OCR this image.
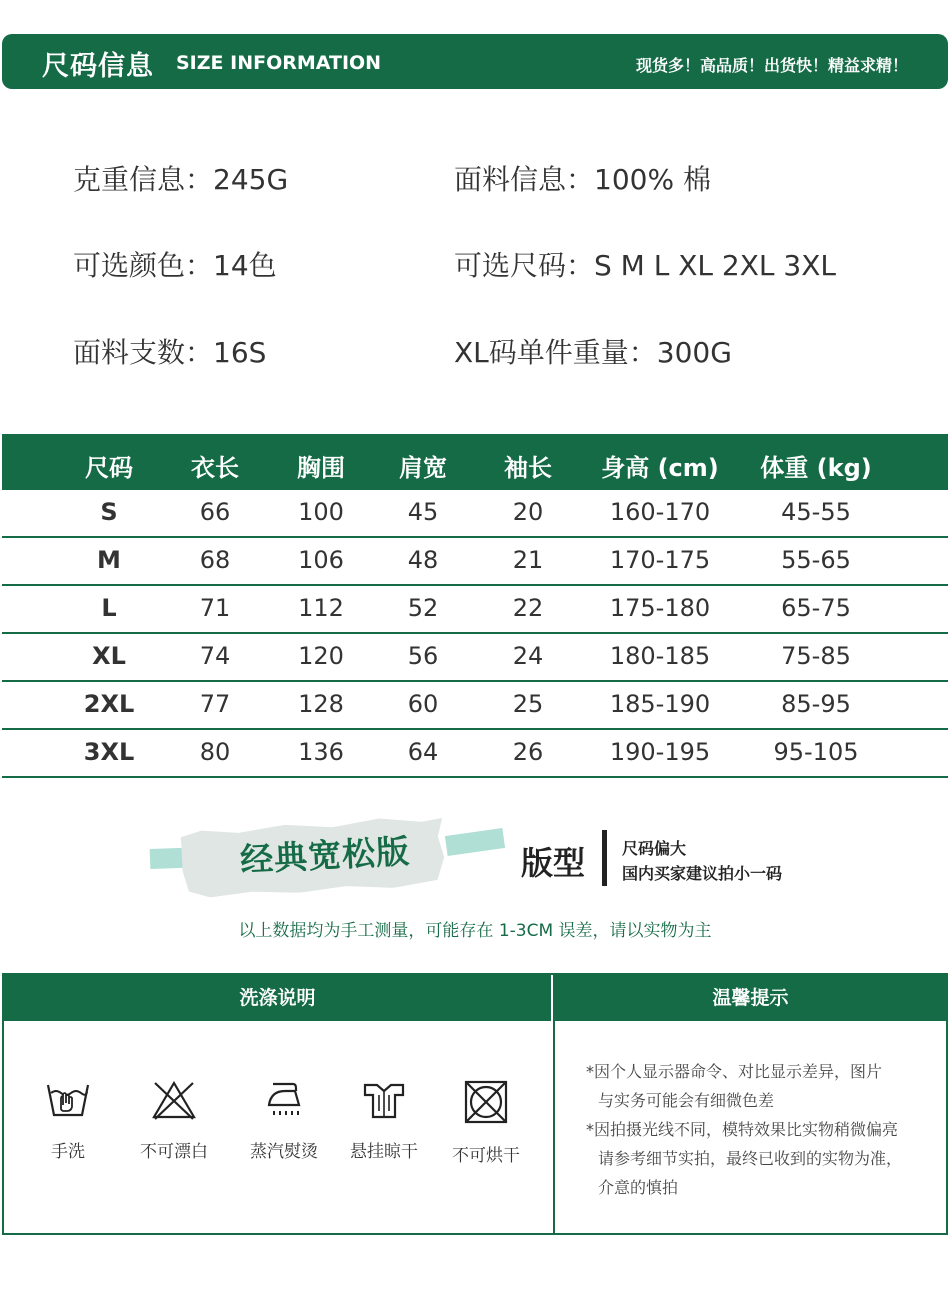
尺码信息 SIZE INFORMATION	现货多！高品质！出货快！精益求精！
克重信息：245G	面料信息：100% 棉
可选颜色：14色	可选尺码：S M L XL 2XL 3XL
面料支数：16S	XL码单件重量：300G
尺码	衣长	胸围	肩宽	袖长	身高 (cm)	体重 (kg)
S	66	100	45	20	160-170	45-55
M	68	106	48	21	170-175	55-65
L	71	112	52	22	175-180	65-75
XL	74	120	56	24	180-185	75-85
2XL	77	128	60	25	185-190	85-95
3XL	80	136	64	26	190-195	95-105
经典宽松版	版型 尺码偏大
国内买家建议拍小一码
以上数据均为手工测量，可能存在 1-3CM 误差，请以实物为主
洗涤说明	温馨提示
手洗	不可漂白	蒸汽熨烫	悬挂晾干	不可烘干
*因个人显示器命令、对比显示差异，图片
与实务可能会有细微色差
*因拍摄光线不同，模特效果比实物稍微偏亮
请参考细节实拍，最终已收到的实物为准，
介意的慎拍
